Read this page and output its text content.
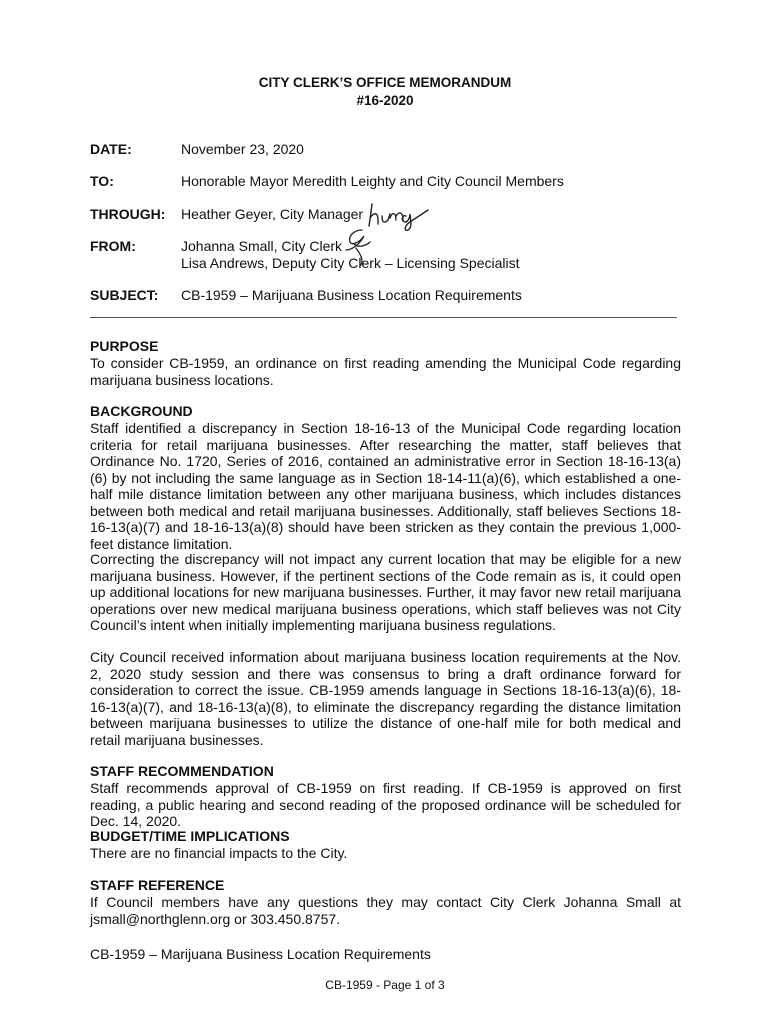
CITY CLERK’S OFFICE MEMORANDUM
#16-2020
DATE:	November 23, 2020
TO:	Honorable Mayor Meredith Leighty and City Council Members
THROUGH: Heather Geyer, City Manager
FROM:	Johanna Small, City Clerk
Lisa Andrews, Deputy City Clerk – Licensing Specialist
SUBJECT: CB-1959 – Marijuana Business Location Requirements
PURPOSE

To consider CB-1959, an ordinance on first reading amending the Municipal Code regarding marijuana business locations.

BACKGROUND

Staff identified a discrepancy in Section 18-16-13 of the Municipal Code regarding location criteria for retail marijuana businesses. After researching the matter, staff believes that Ordinance No. 1720, Series of 2016, contained an administrative error in Section 18-16-13(a)(6) by not including the same language as in Section 18-14-11(a)(6), which established a one-half mile distance limitation between any other marijuana business, which includes distances between both medical and retail marijuana businesses. Additionally, staff believes Sections 18-16-13(a)(7) and 18-16-13(a)(8) should have been stricken as they contain the previous 1,000-feet distance limitation.

Correcting the discrepancy will not impact any current location that may be eligible for a new marijuana business. However, if the pertinent sections of the Code remain as is, it could open up additional locations for new marijuana businesses. Further, it may favor new retail marijuana operations over new medical marijuana business operations, which staff believes was not City Council’s intent when initially implementing marijuana business regulations.

City Council received information about marijuana business location requirements at the Nov. 2, 2020 study session and there was consensus to bring a draft ordinance forward for consideration to correct the issue. CB-1959 amends language in Sections 18-16-13(a)(6), 18-16-13(a)(7), and 18-16-13(a)(8), to eliminate the discrepancy regarding the distance limitation between marijuana businesses to utilize the distance of one-half mile for both medical and retail marijuana businesses.

STAFF RECOMMENDATION

Staff recommends approval of CB-1959 on first reading. If CB-1959 is approved on first reading, a public hearing and second reading of the proposed ordinance will be scheduled for Dec. 14, 2020.

BUDGET/TIME IMPLICATIONS

There are no financial impacts to the City.

STAFF REFERENCE

If Council members have any questions they may contact City Clerk Johanna Small at jsmall@northglenn.org or 303.450.8757.

CB-1959 – Marijuana Business Location Requirements
CB-1959 - Page 1 of 3
